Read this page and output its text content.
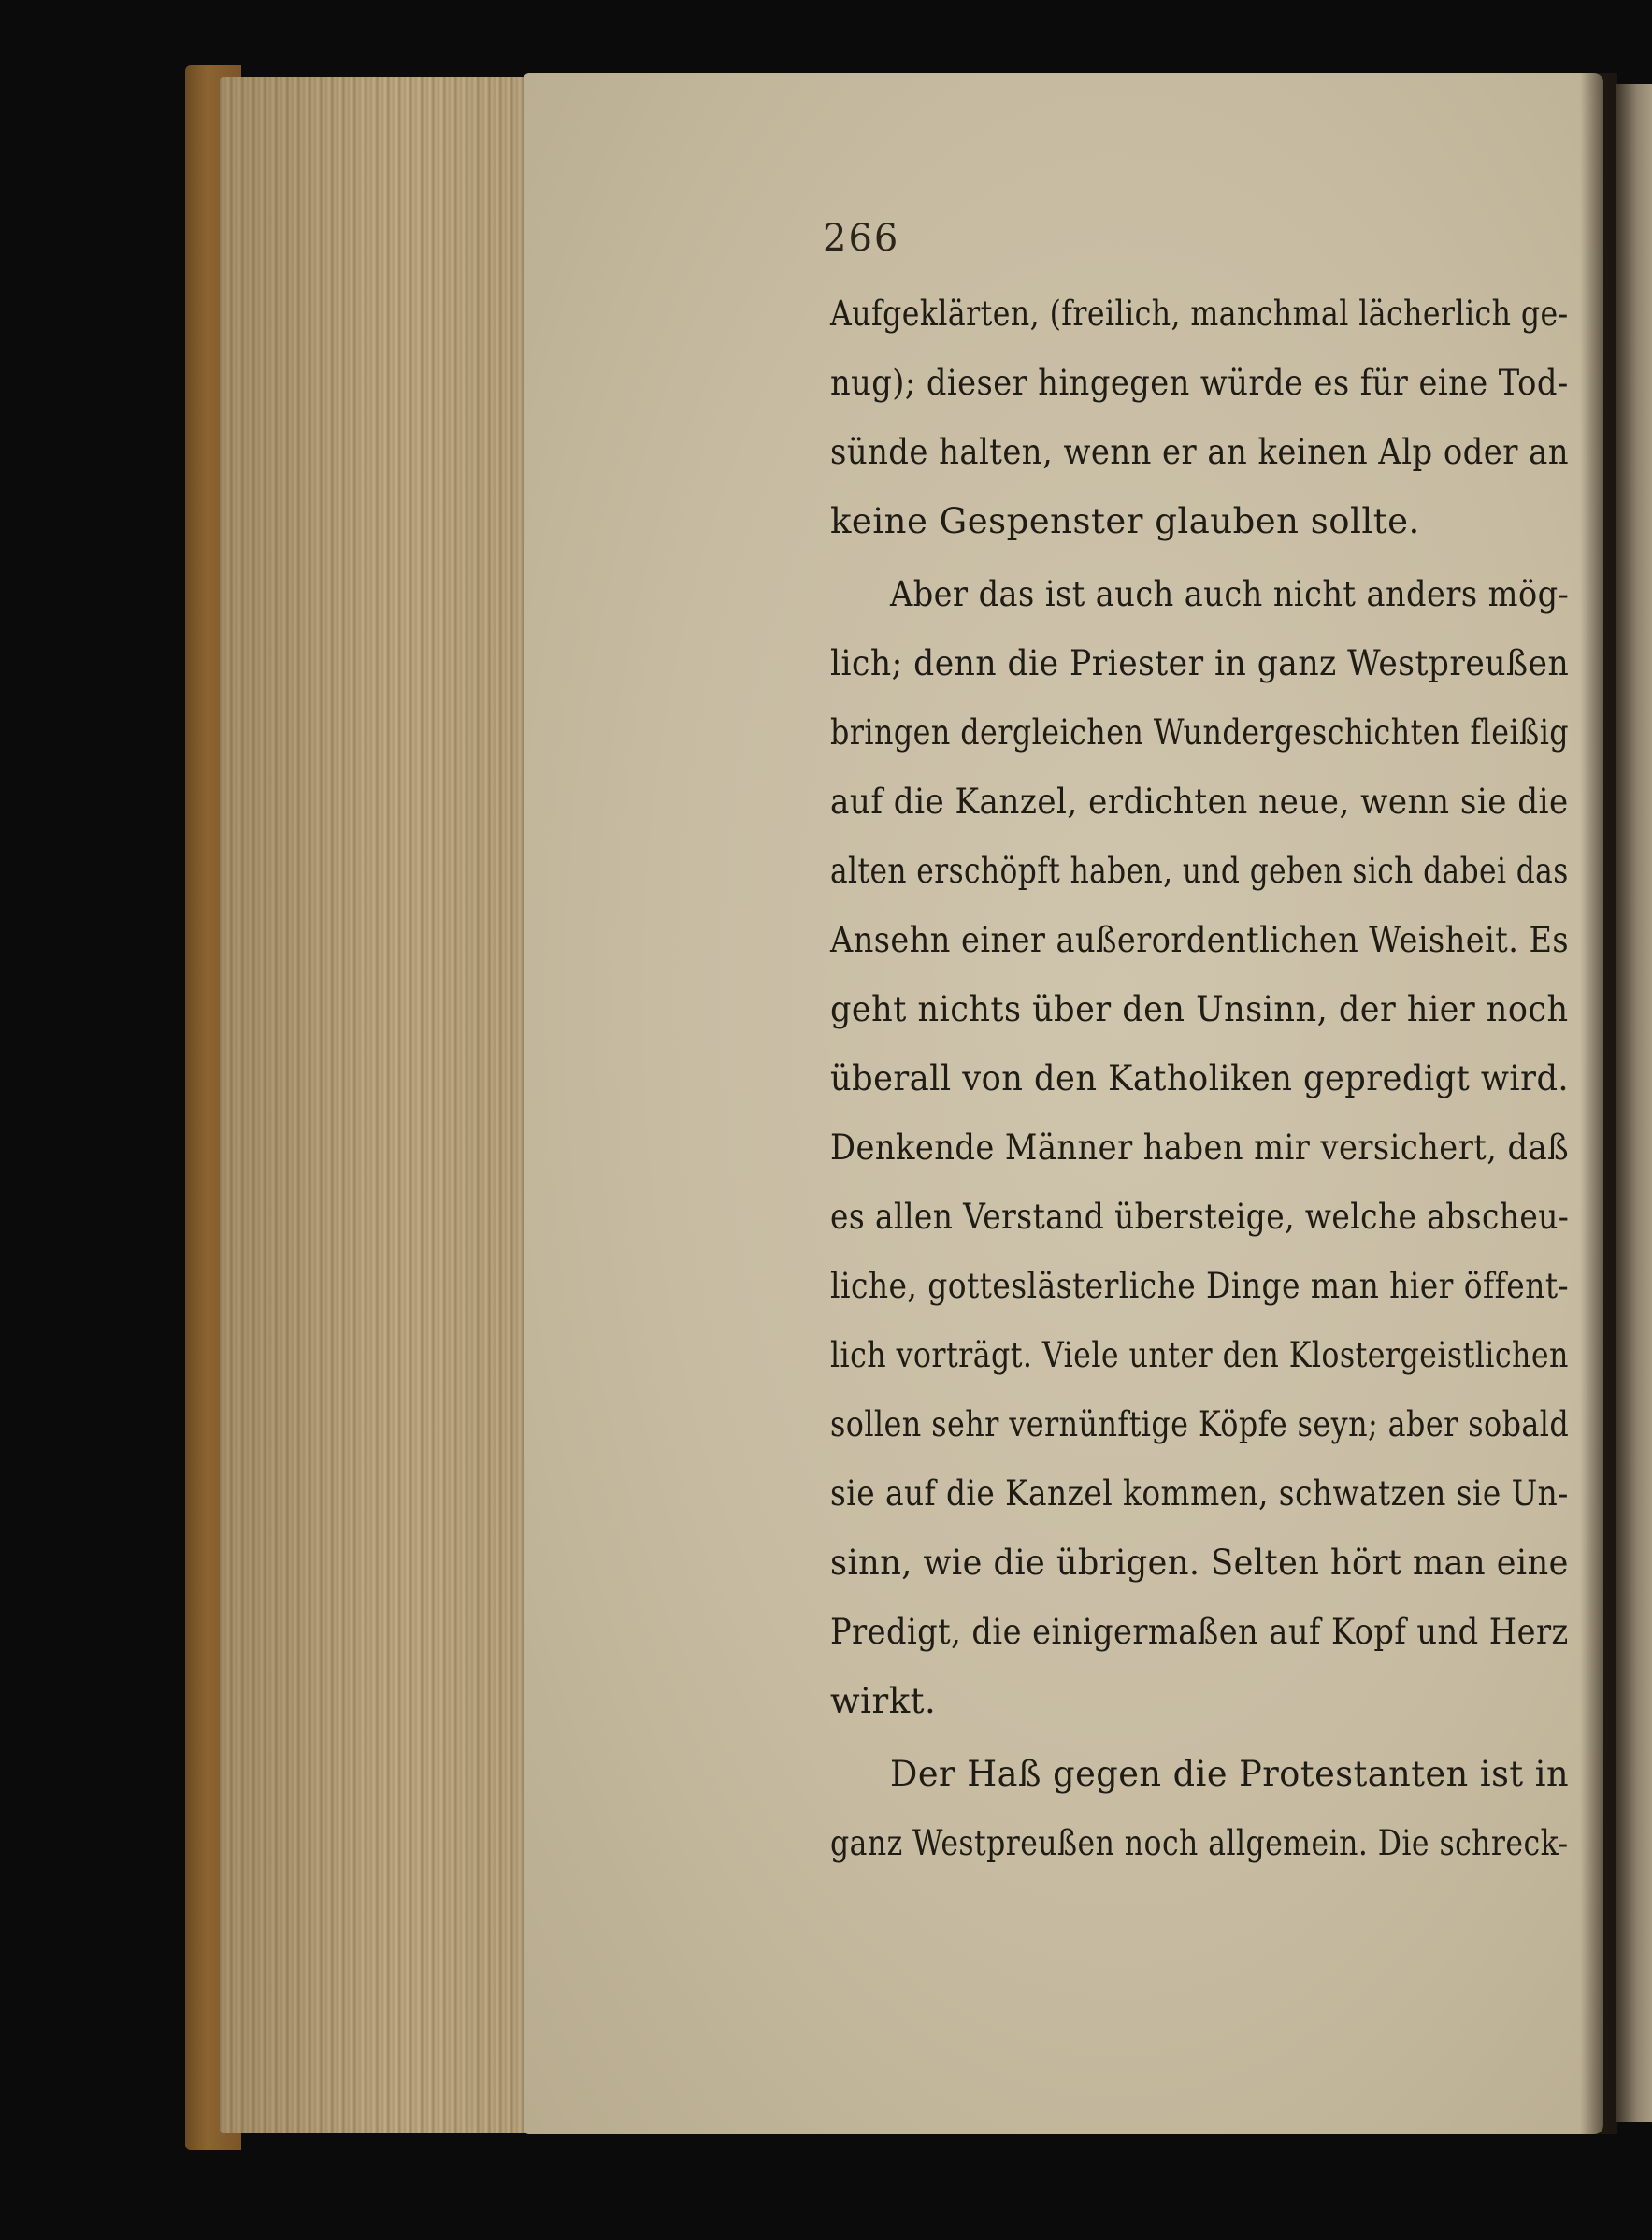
266
Aufgeklärten, (freilich, manchmal lächerlich ge-
nug); dieser hingegen würde es für eine Tod-
sünde halten, wenn er an keinen Alp oder an
keine Gespenster glauben sollte.
Aber das ist auch auch nicht anders mög-
lich; denn die Priester in ganz Westpreußen
bringen dergleichen Wundergeschichten fleißig
auf die Kanzel, erdichten neue, wenn sie die
alten erschöpft haben, und geben sich dabei das
Ansehn einer außerordentlichen Weisheit. Es
geht nichts über den Unsinn, der hier noch
überall von den Katholiken gepredigt wird.
Denkende Männer haben mir versichert, daß
es allen Verstand übersteige, welche abscheu-
liche, gotteslästerliche Dinge man hier öffent-
lich vorträgt. Viele unter den Klostergeistlichen
sollen sehr vernünftige Köpfe seyn; aber sobald
sie auf die Kanzel kommen, schwatzen sie Un-
sinn, wie die übrigen. Selten hört man eine
Predigt, die einigermaßen auf Kopf und Herz
wirkt.
Der Haß gegen die Protestanten ist in
ganz Westpreußen noch allgemein. Die schreck-
